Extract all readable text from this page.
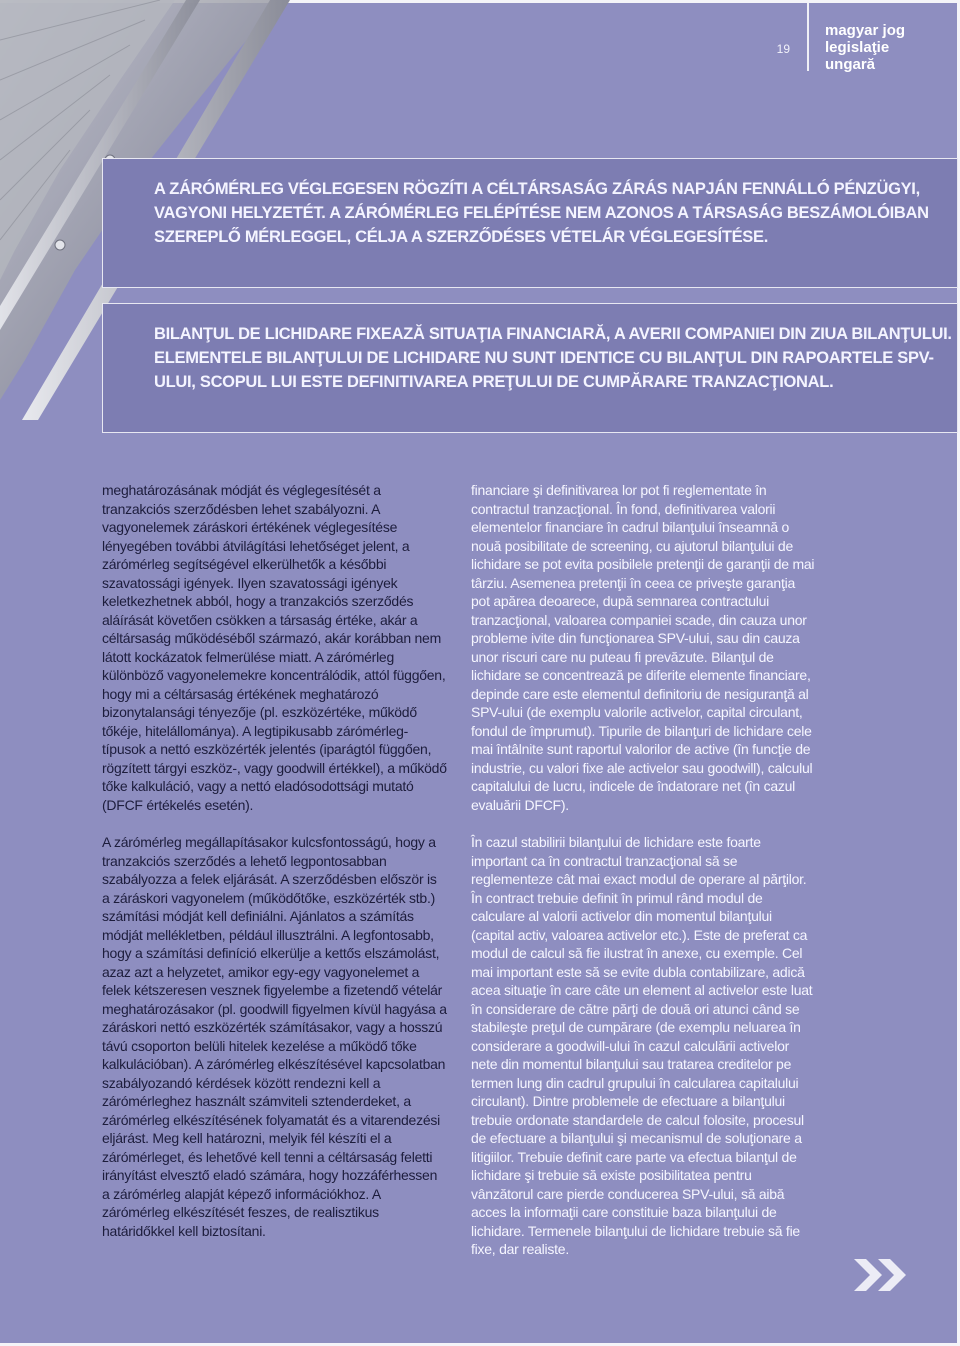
19
magyar jog
legislaţie
ungară

A ZÁRÓMÉRLEG VÉGLEGESEN RÖGZÍTI A CÉLTÁRSASÁG ZÁRÁS NAPJÁN FENNÁLLÓ PÉNZÜGYI, VAGYONI HELYZETÉT. A ZÁRÓMÉRLEG FELÉPÍTÉSE NEM AZONOS A TÁRSASÁG BESZÁMOLÓIBAN SZEREPLŐ MÉRLEGGEL, CÉLJA A SZERZŐDÉSES VÉTELÁR VÉGLEGESÍTÉSE.

BILANŢUL DE LICHIDARE FIXEAZĂ SITUAŢIA FINANCIARĂ, A AVERII COMPANIEI DIN ZIUA BILANŢULUI. ELEMENTELE BILANŢULUI DE LICHIDARE NU SUNT IDENTICE CU BILANŢUL DIN RAPOARTELE SPV-ULUI, SCOPUL LUI ESTE DEFINITIVAREA PREŢULUI DE CUMPĂRARE TRANZACŢIONAL.

meghatározásának módját és véglegesítését a tranzakciós szerződésben lehet szabályozni. A vagyonelemek záráskori értékének véglegesítése lényegében további átvilágítási lehetőséget jelent, a zárómérleg segítségével elkerülhetők a későbbi szavatossági igények. Ilyen szavatossági igények keletkezhetnek abból, hogy a tranzakciós szerződés aláírását követően csökken a társaság értéke, akár a céltársaság működéséből származó, akár korábban nem látott kockázatok felmerülése miatt. A zárómérleg különböző vagyonelemekre koncentrálódik, attól függően, hogy mi a céltársaság értékének meghatározó bizonytalansági tényezője (pl. eszközértéke, működő tőkéje, hitelállománya). A legtipikusabb zárómérleg-típusok a nettó eszközérték jelentés (iparágtól függően, rögzített tárgyi eszköz-, vagy goodwill értékkel), a működő tőke kalkuláció, vagy a nettó eladósodottsági mutató (DFCF értékelés esetén).

A zárómérleg megállapításakor kulcsfontosságú, hogy a tranzakciós szerződés a lehető legpontosabban szabályozza a felek eljárását. A szerződésben először is a záráskori vagyonelem (működőtőke, eszközérték stb.) számítási módját kell definiálni. Ajánlatos a számítás módját mellékletben, például illusztrálni. A legfontosabb, hogy a számítási definíció elkerülje a kettős elszámolást, azaz azt a helyzetet, amikor egy-egy vagyonelemet a felek kétszeresen vesznek figyelembe a fizetendő vételár meghatározásakor (pl. goodwill figyelmen kívül hagyása a záráskori nettó eszközérték számításakor, vagy a hosszú távú csoporton belüli hitelek kezelése a működő tőke kalkulációban). A zárómérleg elkészítésével kapcsolatban szabályozandó kérdések között rendezni kell a zárómérleghez használt számviteli sztenderdeket, a zárómérleg elkészítésének folyamatát és a vitarendezési eljárást. Meg kell határozni, melyik fél készíti el a zárómérleget, és lehetővé kell tenni a céltársaság feletti irányítást elvesztő eladó számára, hogy hozzáférhessen a zárómérleg alapját képező információkhoz. A zárómérleg elkészítését feszes, de realisztikus határidőkkel kell biztosítani.

financiare şi definitivarea lor pot fi reglementate în contractul tranzacţional. În fond, definitivarea valorii elementelor financiare în cadrul bilanţului înseamnă o nouă posibilitate de screening, cu ajutorul bilanţului de lichidare se pot evita posibilele pretenţii de garanţii de mai târziu. Asemenea pretenţii în ceea ce priveşte garanţia pot apărea deoarece, după semnarea contractului tranzacţional, valoarea companiei scade, din cauza unor probleme ivite din funcţionarea SPV-ului, sau din cauza unor riscuri care nu puteau fi prevăzute. Bilanţul de lichidare se concentrează pe diferite elemente financiare, depinde care este elementul definitoriu de nesiguranţă al SPV-ului (de exemplu valorile activelor, capital circulant, fondul de împrumut). Tipurile de bilanţuri de lichidare cele mai întâlnite sunt raportul valorilor de active (în funcţie de industrie, cu valori fixe ale activelor sau goodwill), calculul capitalului de lucru, indicele de îndatorare net (în cazul evaluării DFCF).

În cazul stabilirii bilanţului de lichidare este foarte important ca în contractul tranzacţional să se reglementeze cât mai exact modul de operare al părţilor. În contract trebuie definit în primul rând modul de calculare al valorii activelor din momentul bilanţului (capital activ, valoarea activelor etc.). Este de preferat ca modul de calcul să fie ilustrat în anexe, cu exemple. Cel mai important este să se evite dubla contabilizare, adică acea situaţie în care câte un element al activelor este luat în considerare de către părţi de două ori atunci când se stabileşte preţul de cumpărare (de exemplu neluarea în considerare a goodwill-ului în cazul calculării activelor nete din momentul bilanţului sau tratarea creditelor pe termen lung din cadrul grupului în calcularea capitalului circulant). Dintre problemele de efectuare a bilanţului trebuie ordonate standardele de calcul folosite, procesul de efectuare a bilanţului şi mecanismul de soluţionare a litigiilor. Trebuie definit care parte va efectua bilanţul de lichidare şi trebuie să existe posibilitatea pentru vânzătorul care pierde conducerea SPV-ului, să aibă acces la informaţii care constituie baza bilanţului de lichidare. Termenele bilanţului de lichidare trebuie să fie fixe, dar realiste.
